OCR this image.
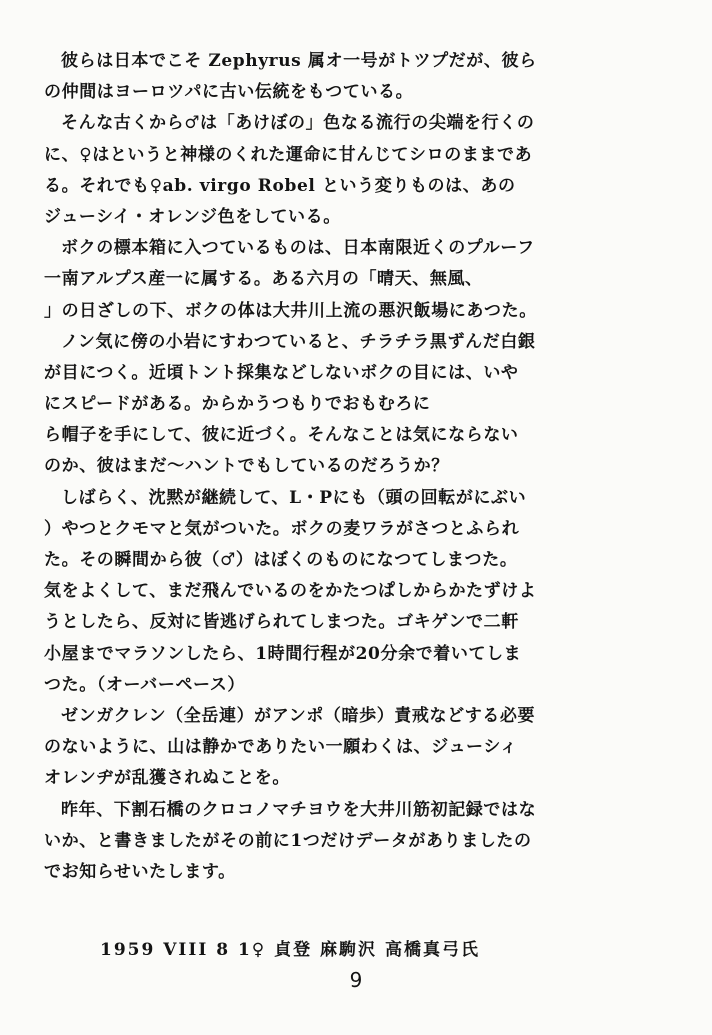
彼らは日本でこそ Zephyrus 属オ一号がトツプだが、彼ら
の仲間はヨーロツパに古い伝統をもつている。
そんな古くから♂は「あけぼの」色なる流行の尖端を行くの
に、♀はというと神様のくれた運命に甘んじてシロのままであ
る。それでも♀ab. virgo Robel という変りものは、あの
ジューシイ・オレンジ色をしている。
ボクの標本箱に入つているものは、日本南限近くのプルーフ
一南アルプス産一に属する。ある六月の「晴天、無風、
」の日ざしの下、ボクの体は大井川上流の悪沢飯場にあつた。
ノン気に傍の小岩にすわつていると、チラチラ黒ずんだ白銀
が目につく。近頃トント採集などしないボクの目には、いや
にスピードがある。からかうつもりでおもむろに
ら帽子を手にして、彼に近づく。そんなことは気にならない
のか、彼はまだ〜ハントでもしているのだろうか？
しばらく、沈黙が継続して、L・Pにも（頭の回転がにぶい
）やつとクモマと気がついた。ボクの麦ワラがさつとふられ
た。その瞬間から彼（♂）はぼくのものになつてしまつた。
気をよくして、まだ飛んでいるのをかたつぱしからかたずけよ
うとしたら、反対に皆逃げられてしまつた。ゴキゲンで二軒
小屋までマラソンしたら、1時間行程が20分余で着いてしま
つた。（オーバーペース）
ゼンガクレン（全岳連）がアンポ（暗歩）責戒などする必要
のないように、山は静かでありたい一願わくは、ジューシィ
オレンヂが乱獲されぬことを。
昨年、下割石橋のクロコノマチヨウを大井川筋初記録ではな
いか、と書きましたがその前に1つだけデータがありましたの
でお知らせいたします。
1959 VIII 8 1♀ 貞登 麻駒沢 高橋真弓氏
9
